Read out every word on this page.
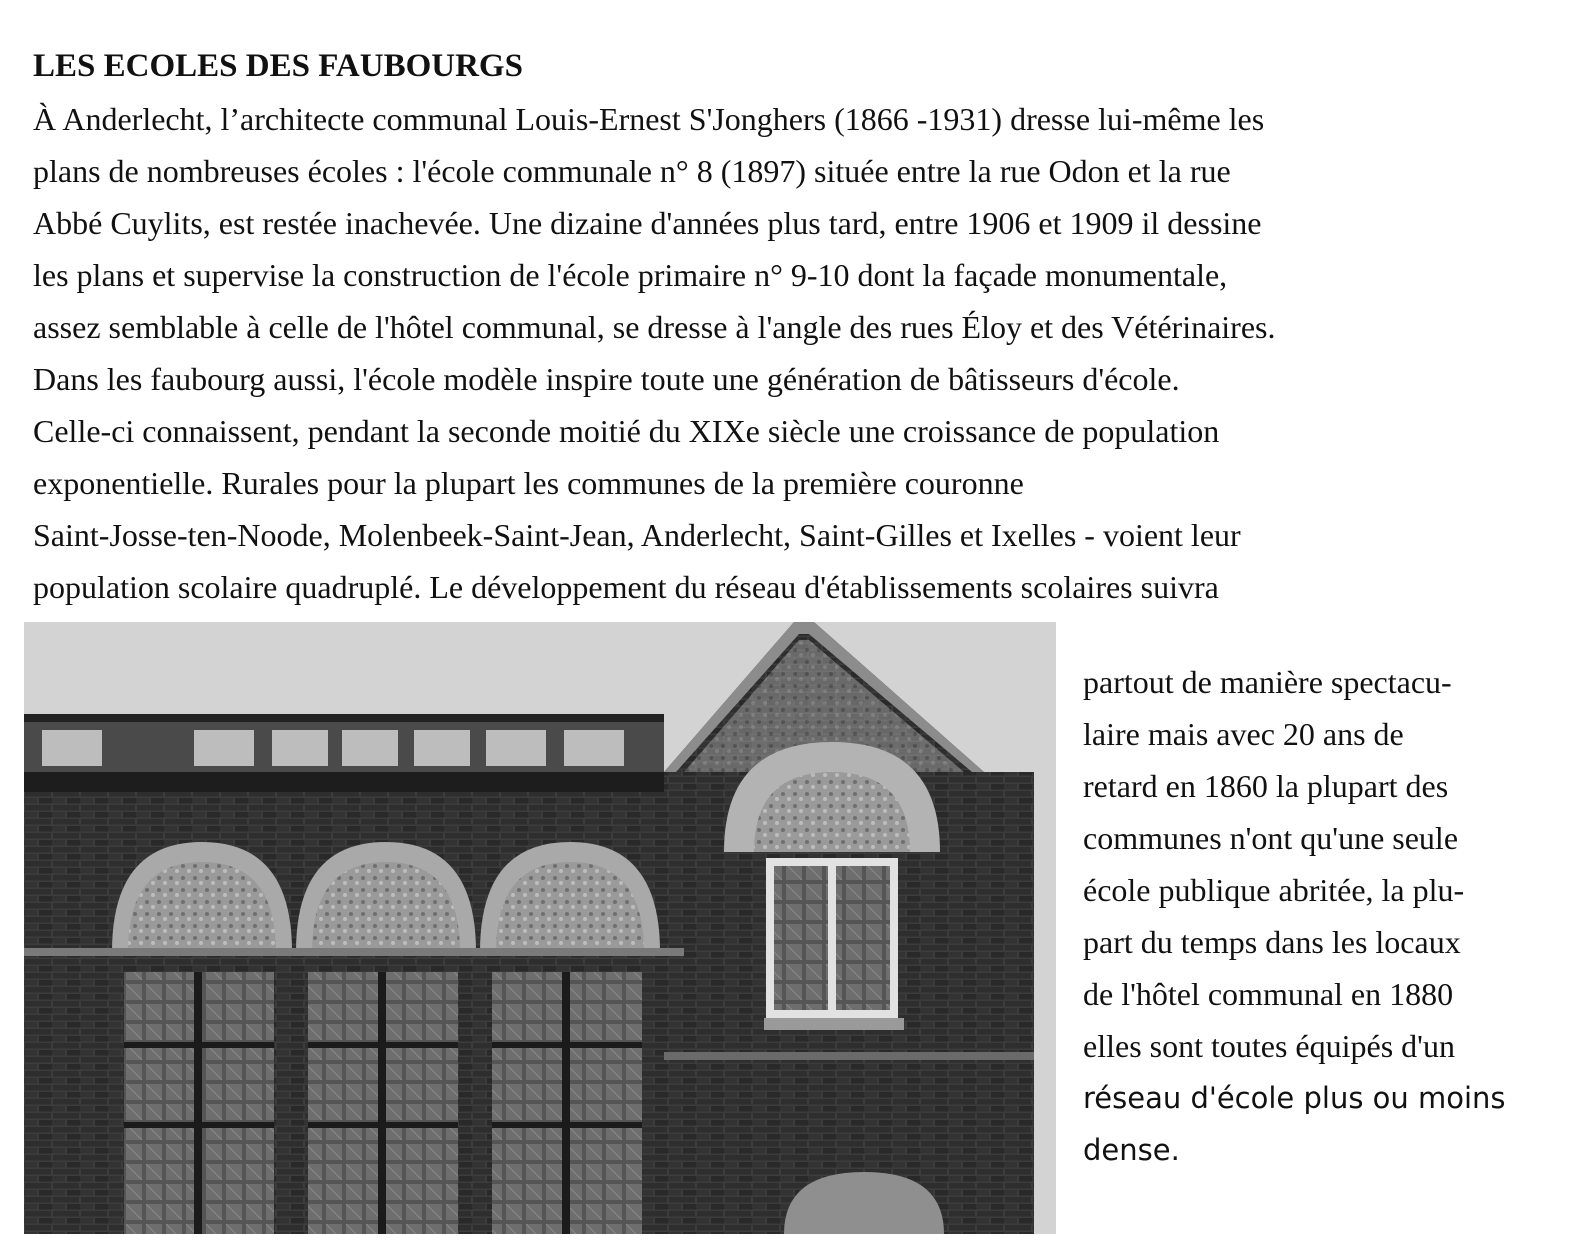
LES ECOLES DES FAUBOURGS
À Anderlecht, l’architecte communal Louis-Ernest S'Jonghers (1866 -1931) dresse lui-même les
plans de nombreuses écoles : l'école communale n° 8 (1897) située entre la rue Odon et la rue
Abbé Cuylits, est restée inachevée. Une dizaine d'années plus tard, entre 1906 et 1909 il dessine
les plans et supervise la construction de l'école primaire n° 9-10 dont la façade monumentale,
assez semblable à celle de l'hôtel communal, se dresse à l'angle des rues Éloy et des Vétérinaires.
Dans les faubourg aussi, l'école modèle inspire toute une génération de bâtisseurs d'école.
Celle-ci connaissent, pendant la seconde moitié du XIXe siècle une croissance de population
exponentielle. Rurales pour la plupart les communes de la première couronne
Saint-Josse-ten-Noode, Molenbeek-Saint-Jean, Anderlecht, Saint-Gilles et Ixelles - voient leur
population scolaire quadruplé. Le développement du réseau d'établissements scolaires suivra
partout de manière spectacu-
laire mais avec 20 ans de
retard en 1860 la plupart des
communes n'ont qu'une seule
école publique abritée, la plu-
part du temps dans les locaux
de l'hôtel communal en 1880
elles sont toutes équipés d'un
réseau d'école plus ou moins
dense.
